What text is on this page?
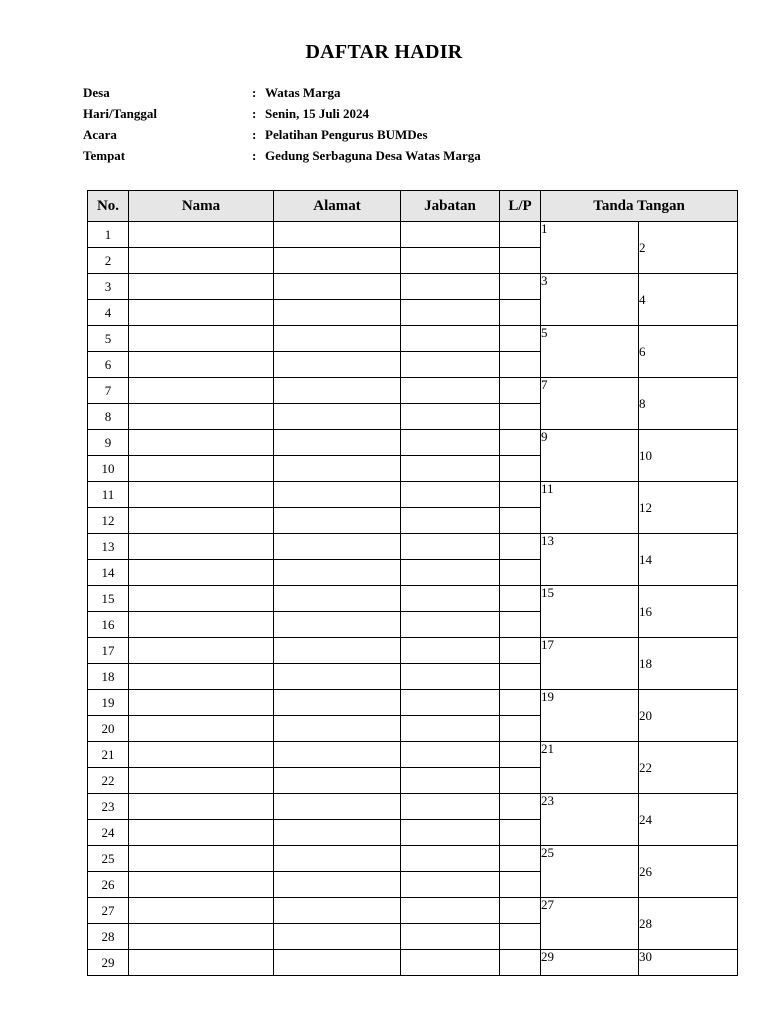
DAFTAR HADIR
Desa	: Watas Marga
Hari/Tanggal	: Senin, 15 Juli 2024
Acara	: Pelatihan Pengurus BUMDes
Tempat	: Gedung Serbaguna Desa Watas Marga
No.	Nama	Alamat	Jabatan	L/P	Tanda Tangan	
1					1	2
2						
3					3	4
4						
5					5	6
6						
7					7	8
8						
9					9	10
10						
11					11	12
12						
13					13	14
14						
15					15	16
16						
17					17	18
18						
19					19	20
20						
21					21	22
22						
23					23	24
24						
25					25	26
26						
27					27	28
28						
29					29	30
